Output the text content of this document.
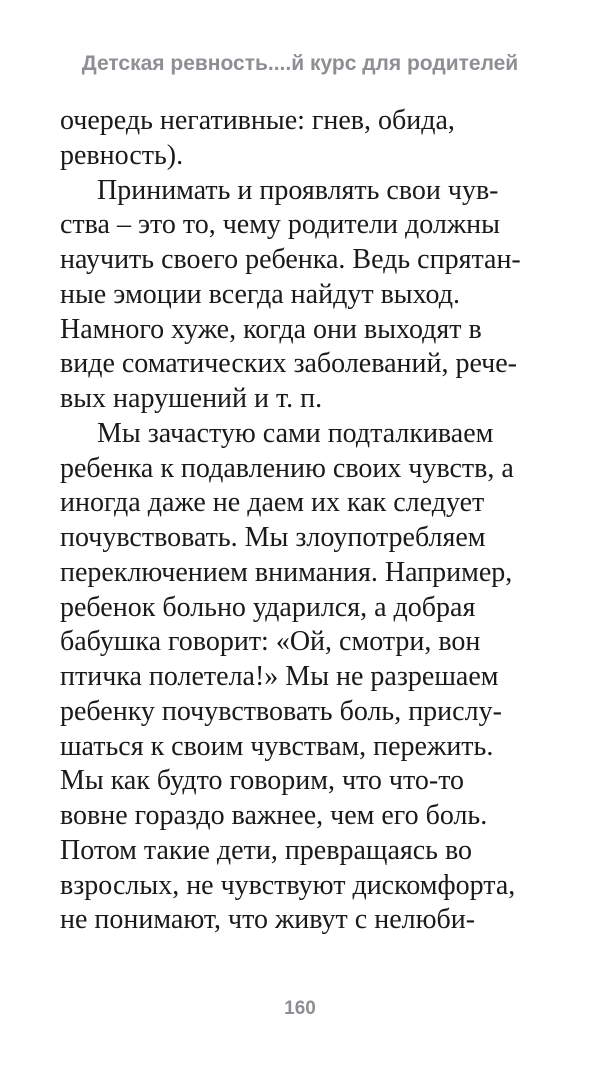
Детская ревность....й курс для родителей
очередь негативные: гнев, обида,
ревность).
Принимать и проявлять свои чув-
ства – это то, чему родители должны
научить своего ребенка. Ведь спрятан-
ные эмоции всегда найдут выход.
Намного хуже, когда они выходят в
виде соматических заболеваний, рече-
вых нарушений и т. п.
Мы зачастую сами подталкиваем
ребенка к подавлению своих чувств, а
иногда даже не даем их как следует
почувствовать. Мы злоупотребляем
переключением внимания. Например,
ребенок больно ударился, а добрая
бабушка говорит: «Ой, смотри, вон
птичка полетела!» Мы не разрешаем
ребенку почувствовать боль, прислу-
шаться к своим чувствам, пережить.
Мы как будто говорим, что что-то
вовне гораздо важнее, чем его боль.
Потом такие дети, превращаясь во
взрослых, не чувствуют дискомфорта,
не понимают, что живут с нелюби-
160
